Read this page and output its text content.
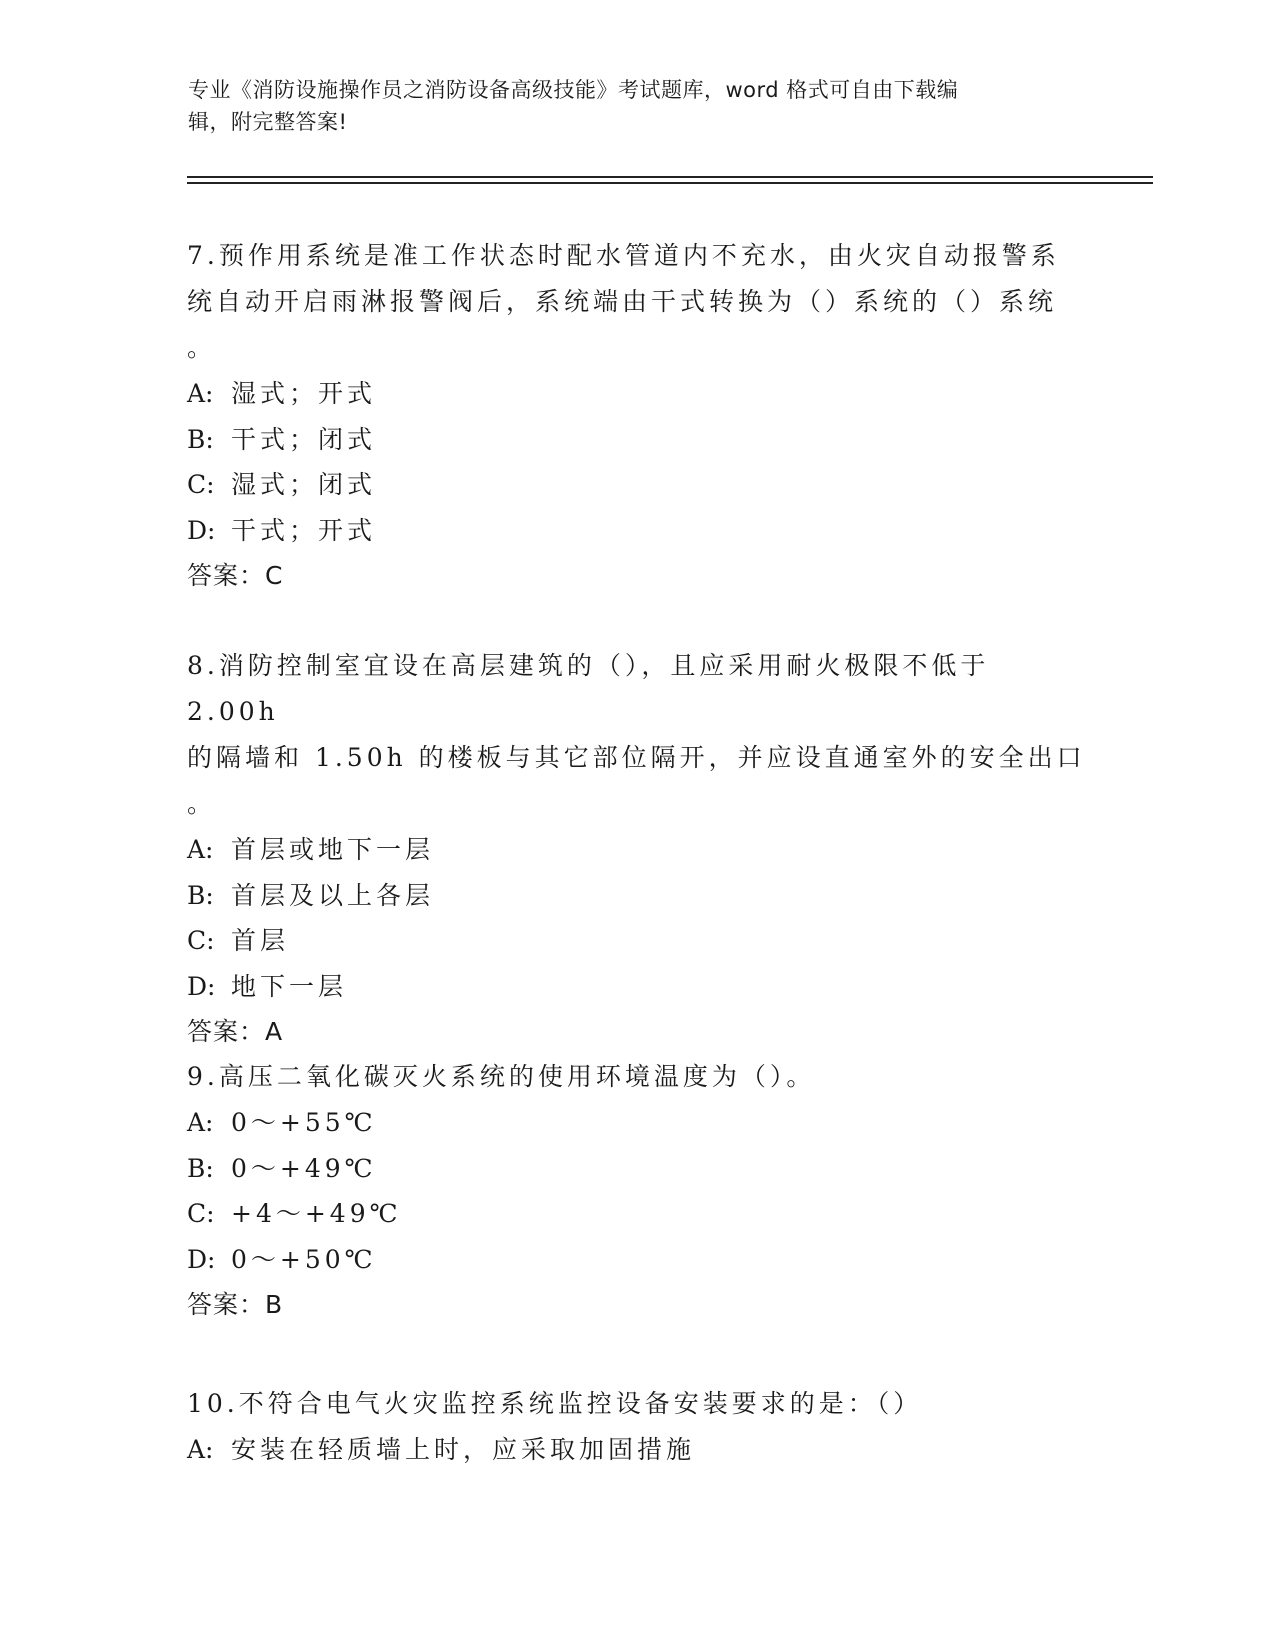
专业《消防设施操作员之消防设备高级技能》考试题库，word 格式可自由下载编
辑，附完整答案!

7.预作用系统是准工作状态时配水管道内不充水，由火灾自动报警系

统自动开启雨淋报警阀后，系统端由干式转换为（）系统的（）系统

。

A: 湿式；开式

B: 干式；闭式

C: 湿式；闭式

D: 干式；开式

答案：C

8.消防控制室宜设在高层建筑的（），且应采用耐火极限不低于 2.00h

的隔墙和 1.50h 的楼板与其它部位隔开，并应设直通室外的安全出口

。

A: 首层或地下一层

B: 首层及以上各层

C: 首层

D: 地下一层

答案：A

9.高压二氧化碳灭火系统的使用环境温度为（）。

A: 0～+55℃

B: 0～+49℃

C: +4～+49℃

D: 0～+50℃

答案：B

10.不符合电气火灾监控系统监控设备安装要求的是：（）

A: 安装在轻质墙上时，应采取加固措施
